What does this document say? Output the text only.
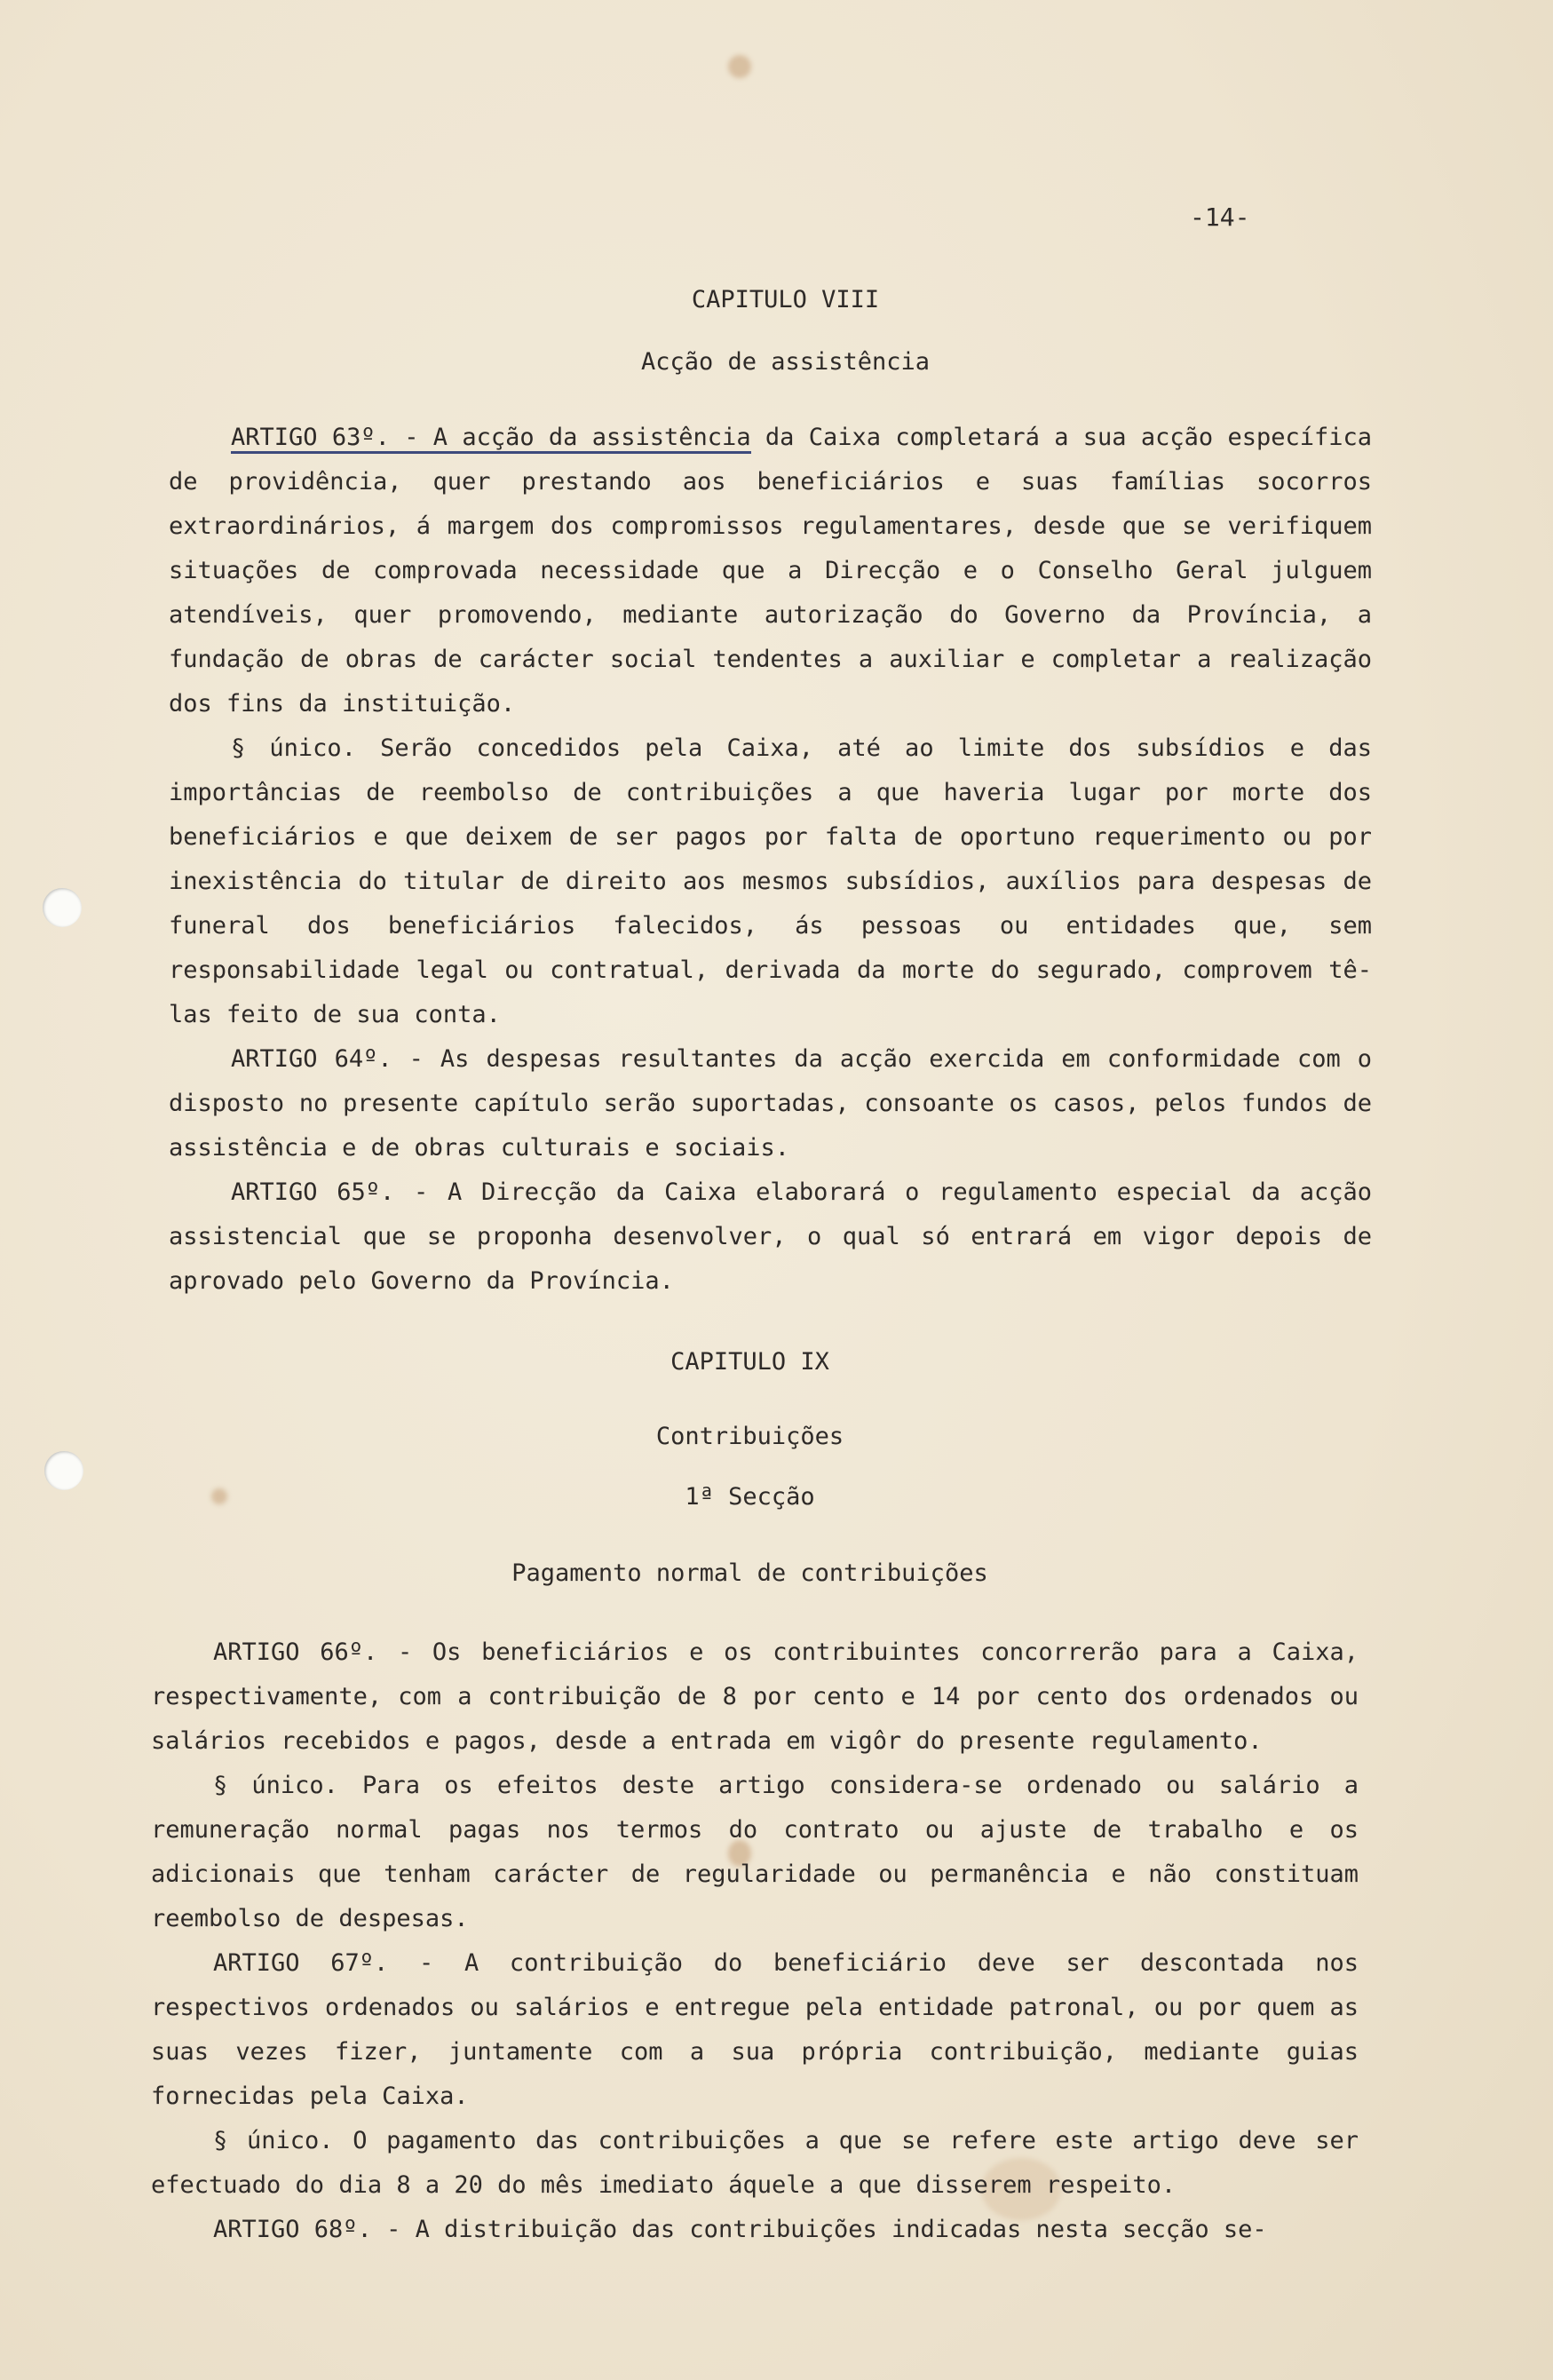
-14-
CAPITULO VIII
Acção de assistência

ARTIGO 63º. - A acção da assistência da Caixa completará a sua acção específica de providência, quer prestando aos beneficiários e suas famílias socorros extraordinários, á margem dos compromissos regulamentares, desde que se verifiquem situações de comprovada necessidade que a Direcção e o Conselho Geral julguem atendíveis, quer promovendo, mediante autorização do Governo da Província, a fundação de obras de carácter social tendentes a auxiliar e completar a realização dos fins da instituição.

§ único. Serão concedidos pela Caixa, até ao limite dos subsídios e das importâncias de reembolso de contribuições a que haveria lugar por morte dos beneficiários e que deixem de ser pagos por falta de oportuno requerimento ou por inexistência do titular de direito aos mesmos subsídios, auxílios para despesas de funeral dos beneficiários falecidos, ás pessoas ou entidades que, sem responsabilidade legal ou contratual, derivada da morte do segurado, comprovem tê-las feito de sua conta.

ARTIGO 64º. - As despesas resultantes da acção exercida em conformidade com o disposto no presente capítulo serão suportadas, consoante os casos, pelos fundos de assistência e de obras culturais e sociais.

ARTIGO 65º. - A Direcção da Caixa elaborará o regulamento especial da acção assistencial que se proponha desenvolver, o qual só entrará em vigor depois de aprovado pelo Governo da Província.

CAPITULO IX
Contribuições
1ª Secção
Pagamento normal de contribuições

ARTIGO 66º. - Os beneficiários e os contribuintes concorrerão para a Caixa, respectivamente, com a contribuição de 8 por cento e 14 por cento dos ordenados ou salários recebidos e pagos, desde a entrada em vigôr do presente regulamento.

§ único. Para os efeitos deste artigo considera-se ordenado ou salário a remuneração normal pagas nos termos do contrato ou ajuste de trabalho e os adicionais que tenham carácter de regularidade ou permanência e não constituam reembolso de despesas.

ARTIGO 67º. - A contribuição do beneficiário deve ser descontada nos respectivos ordenados ou salários e entregue pela entidade patronal, ou por quem as suas vezes fizer, juntamente com a sua própria contribuição, mediante guias fornecidas pela Caixa.

§ único. O pagamento das contribuições a que se refere este artigo deve ser efectuado do dia 8 a 20 do mês imediato áquele a que disserem respeito.

ARTIGO 68º. - A distribuição das contribuições indicadas nesta secção se-
